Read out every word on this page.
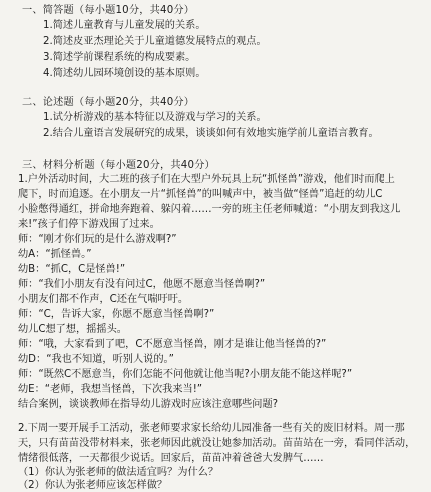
一、简答题（每小题10分，共40分）
1.简述儿童教育与儿童发展的关系。
2.简述皮亚杰理论关于儿童道德发展特点的观点。
3.简述学前课程系统的构成要素。
4.简述幼儿园环境创设的基本原则。
二、论述题（每小题20分，共40分）
1.试分析游戏的基本特征以及游戏与学习的关系。
2.结合儿童语言发展研究的成果，谈谈如何有效地实施学前儿童语言教育。
三、材料分析题（每小题20分，共40分）
1.户外活动时间，大二班的孩子们在大型户外玩具上玩“抓怪兽”游戏，他们时而爬上
爬下，时而追逐。在小朋友一片“抓怪兽”的叫喊声中，被当做“怪兽”追赶的幼儿C
小脸憋得通红，拼命地奔跑着、躲闪着……一旁的班主任老师喊道：“小朋友到我这儿
来!”孩子们停下游戏围了过来。
师：“刚才你们玩的是什么游戏啊?”
幼A：“抓怪兽。”
幼B：“抓C，C是怪兽!”
师：“我们小朋友有没有问过C，他愿不愿意当怪兽啊?”
小朋友们都不作声，C还在气喘吁吁。
师：“C，告诉大家，你愿不愿意当怪兽啊?”
幼儿C想了想，摇摇头。
师：“哦，大家看到了吧，C不愿意当怪兽，刚才是谁让他当怪兽的?”
幼D：“我也不知道，听别人说的。”
师：“既然C不愿意当，你们怎能不问他就让他当呢?小朋友能不能这样呢?”
幼E：“老师，我想当怪兽，下次我来当!”
结合案例，谈谈教师在指导幼儿游戏时应该注意哪些问题?
2.下周一要开展手工活动，张老师要求家长给幼儿园准备一些有关的废旧材料。周一那
天，只有苗苗没带材料来，张老师因此就没让她参加活动。苗苗站在一旁，看同伴活动，
情绪很低落，一天都很少说话。回家后，苗苗冲着爸爸大发脾气……
（1）你认为张老师的做法适宜吗？为什么？
（2）你认为张老师应该怎样做？
